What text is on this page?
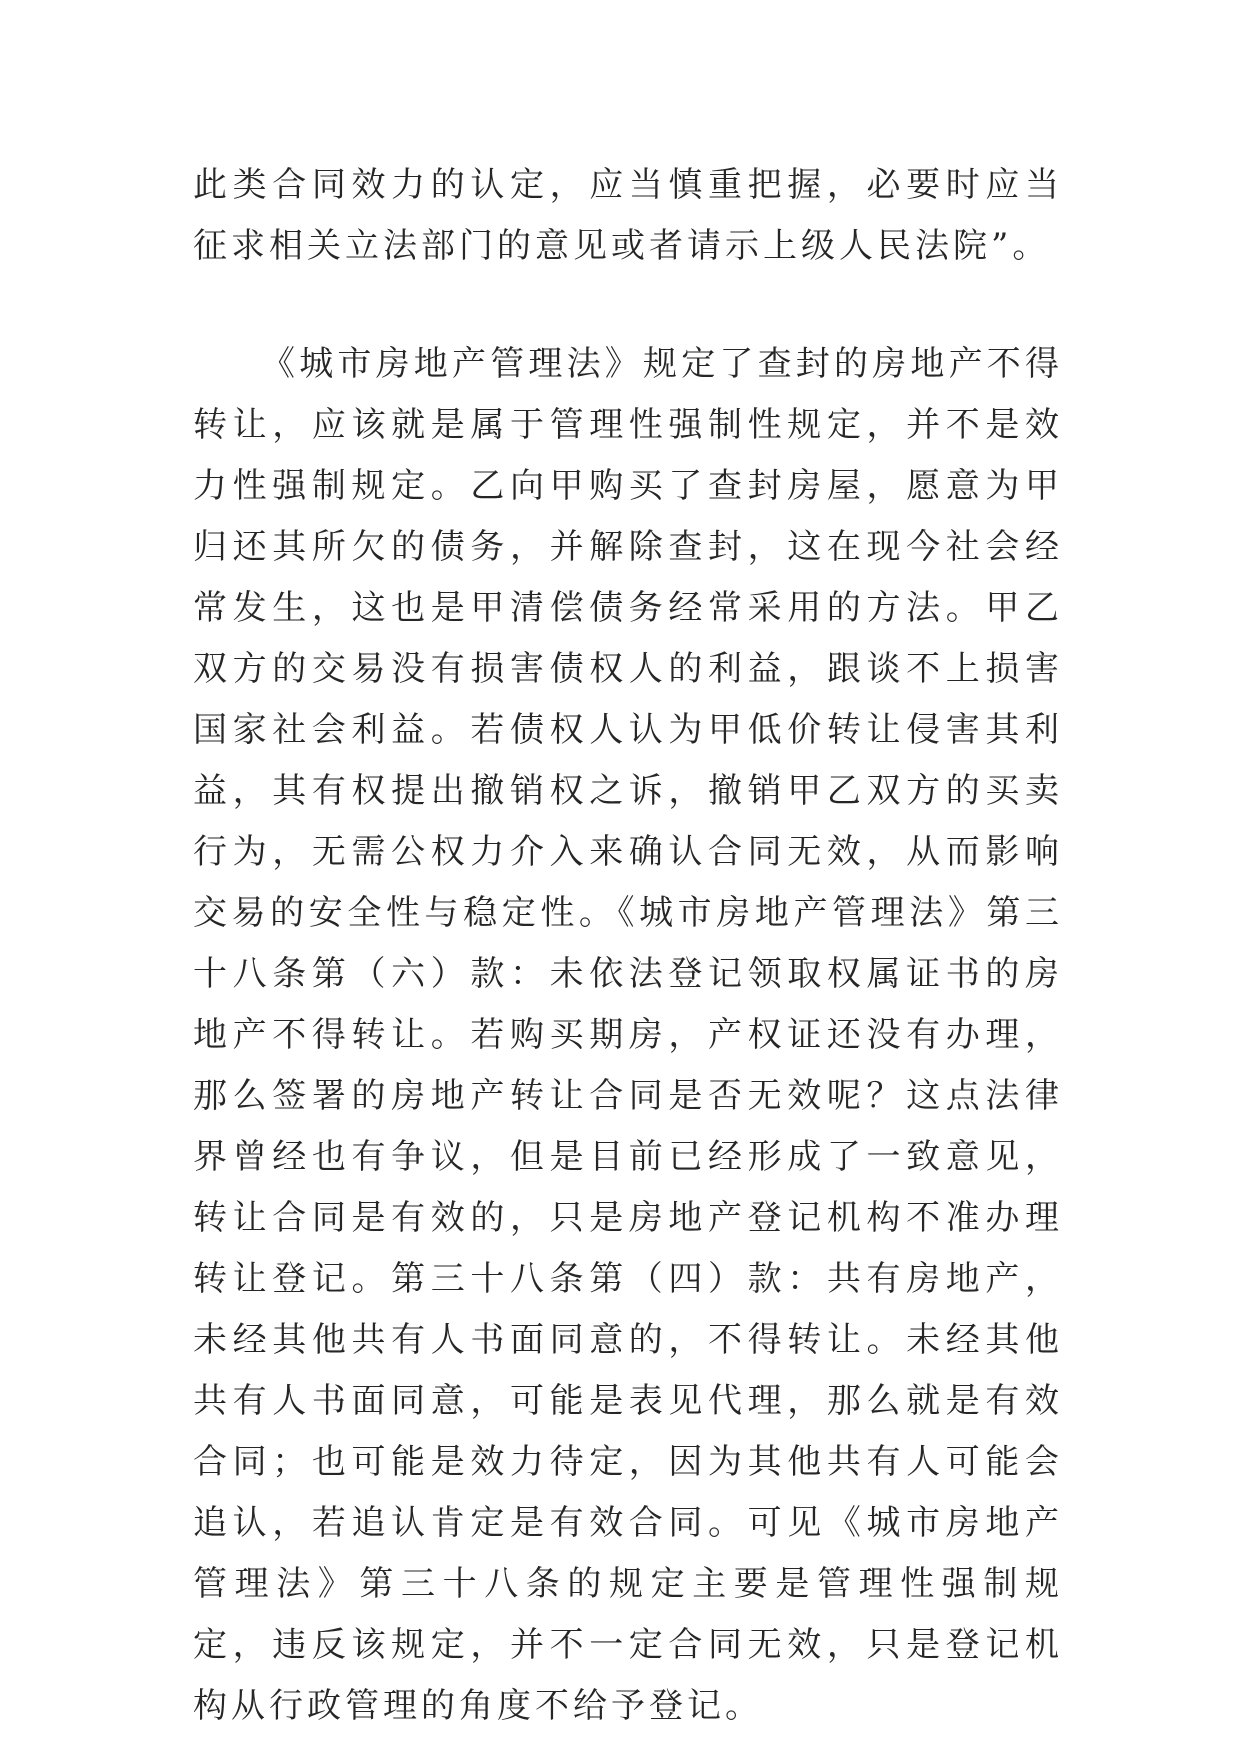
此类合同效力的认定，应当慎重把握，必要时应当征求相关立法部门的意见或者请示上级人民法院”。

《城市房地产管理法》规定了查封的房地产不得转让，应该就是属于管理性强制性规定，并不是效力性强制规定。乙向甲购买了查封房屋，愿意为甲归还其所欠的债务，并解除查封，这在现今社会经常发生，这也是甲清偿债务经常采用的方法。甲乙双方的交易没有损害债权人的利益，跟谈不上损害国家社会利益。若债权人认为甲低价转让侵害其利益，其有权提出撤销权之诉，撤销甲乙双方的买卖行为，无需公权力介入来确认合同无效，从而影响交易的安全性与稳定性。《城市房地产管理法》第三十八条第（六）款：未依法登记领取权属证书的房地产不得转让。若购买期房，产权证还没有办理，那么签署的房地产转让合同是否无效呢？这点法律界曾经也有争议，但是目前已经形成了一致意见，转让合同是有效的，只是房地产登记机构不准办理转让登记。第三十八条第（四）款：共有房地产，未经其他共有人书面同意的，不得转让。未经其他共有人书面同意，可能是表见代理，那么就是有效合同；也可能是效力待定，因为其他共有人可能会追认，若追认肯定是有效合同。可见《城市房地产管理法》第三十八条的规定主要是管理性强制规定，违反该规定，并不一定合同无效，只是登记机构从行政管理的角度不给予登记。
